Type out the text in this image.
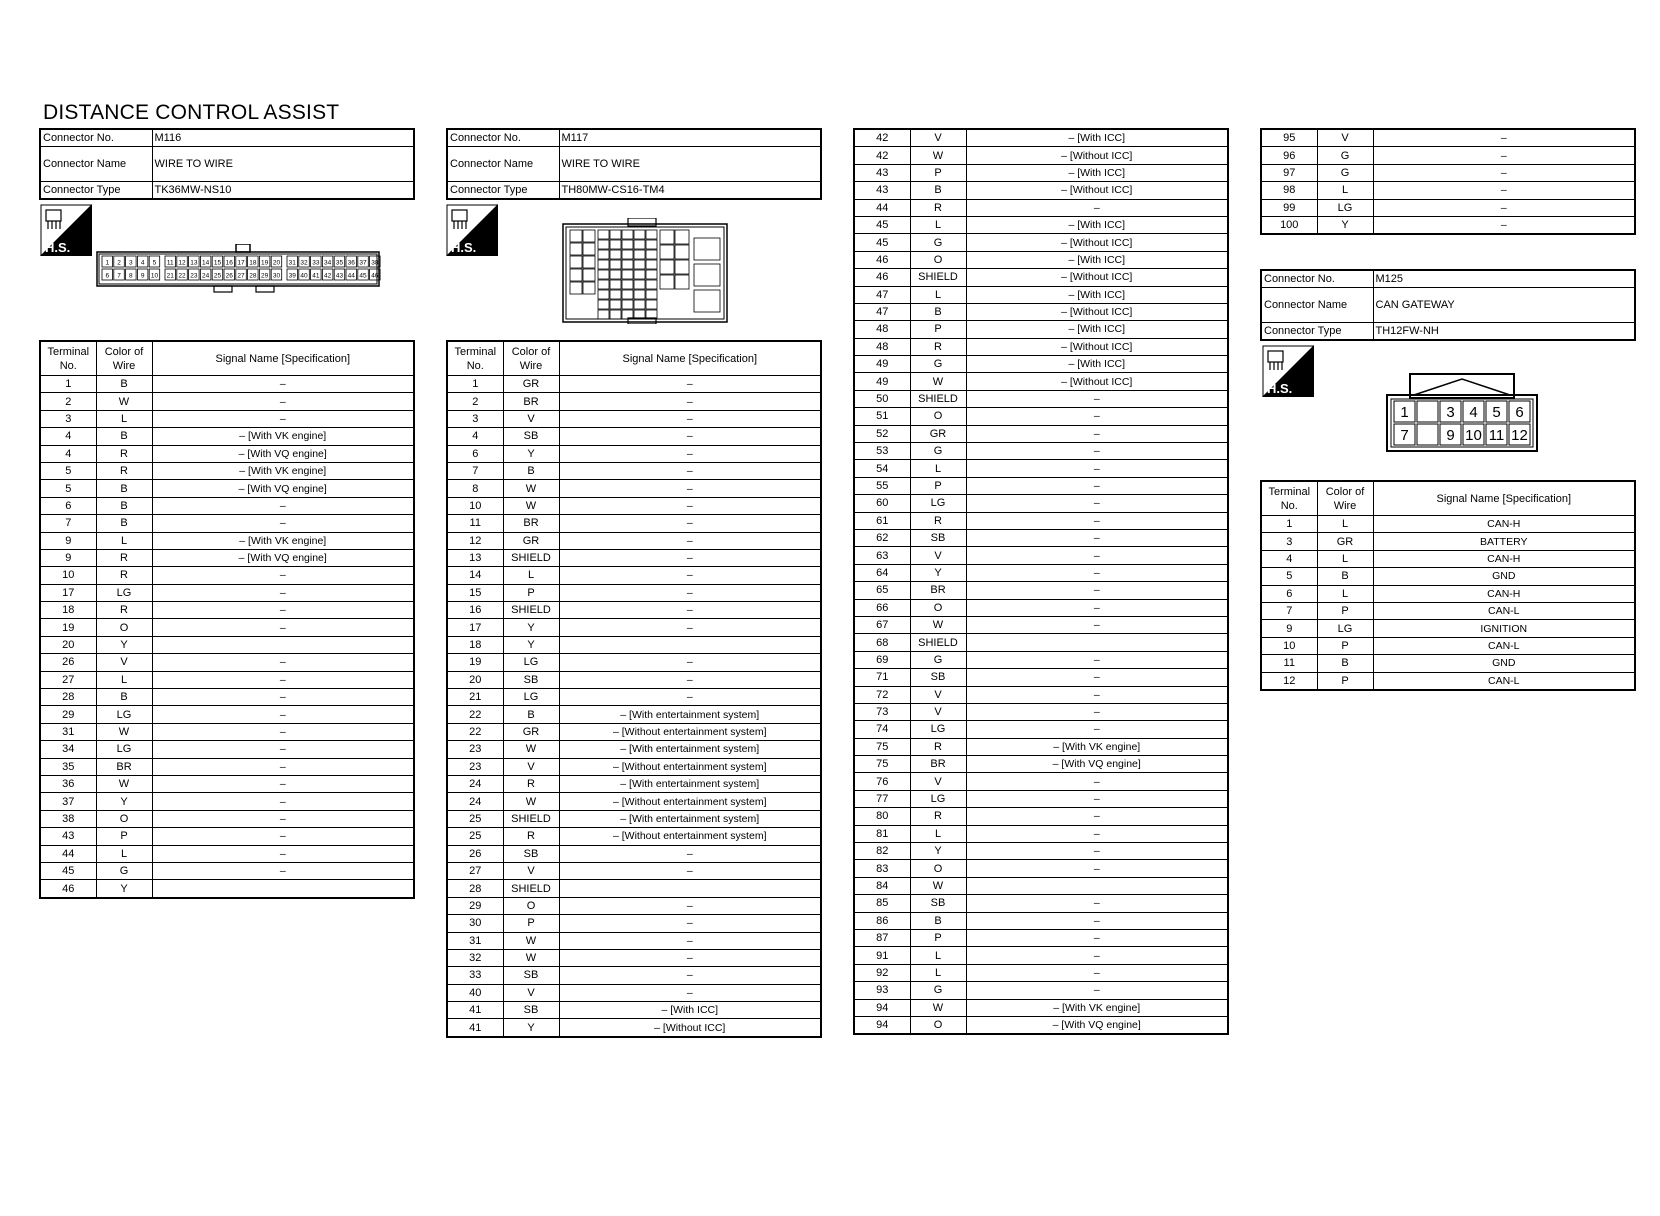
DISTANCE CONTROL ASSIST
Connector No.	M116
Connector Name	WIRE TO WIRE
Connector Type	TK36MW-NS10
H.S.
1 2 3 4 5 11 12 13 14 15 16 17 18 19 20 31 32 33 34 35 36 37 38
6 7 8 9 10 21 22 23 24 25 26 27 28 29 30 39 40 41 42 43 44 45 46
Terminal No.	Color of Wire	Signal Name [Specification]
1	B	–
2	W	–
3	L	–
4	B	– [With VK engine]
4	R	– [With VQ engine]
5	R	– [With VK engine]
5	B	– [With VQ engine]
6	B	–
7	B	–
9	L	– [With VK engine]
9	R	– [With VQ engine]
10	R	–
17	LG	–
18	R	–
19	O	–
20	Y	
26	V	–
27	L	–
28	B	–
29	LG	–
31	W	–
34	LG	–
35	BR	–
36	W	–
37	Y	–
38	O	–
43	P	–
44	L	–
45	G	–
46	Y	
Connector No.	M117
Connector Name	WIRE TO WIRE
Connector Type	TH80MW-CS16-TM4
H.S.
Terminal No.	Color of Wire	Signal Name [Specification]
1	GR	–
2	BR	–
3	V	–
4	SB	–
6	Y	–
7	B	–
8	W	–
10	W	–
11	BR	–
12	GR	–
13	SHIELD	–
14	L	–
15	P	–
16	SHIELD	–
17	Y	–
18	Y	
19	LG	–
20	SB	–
21	LG	–
22	B	– [With entertainment system]
22	GR	– [Without entertainment system]
23	W	– [With entertainment system]
23	V	– [Without entertainment system]
24	R	– [With entertainment system]
24	W	– [Without entertainment system]
25	SHIELD	– [With entertainment system]
25	R	– [Without entertainment system]
26	SB	–
27	V	–
28	SHIELD	
29	O	–
30	P	–
31	W	–
32	W	–
33	SB	–
40	V	–
41	SB	– [With ICC]
41	Y	– [Without ICC]
42	V	– [With ICC]
42	W	– [Without ICC]
43	P	– [With ICC]
43	B	– [Without ICC]
44	R	–
45	L	– [With ICC]
45	G	– [Without ICC]
46	O	– [With ICC]
46	SHIELD	– [Without ICC]
47	L	– [With ICC]
47	B	– [Without ICC]
48	P	– [With ICC]
48	R	– [Without ICC]
49	G	– [With ICC]
49	W	– [Without ICC]
50	SHIELD	–
51	O	–
52	GR	–
53	G	–
54	L	–
55	P	–
60	LG	–
61	R	–
62	SB	–
63	V	–
64	Y	–
65	BR	–
66	O	–
67	W	–
68	SHIELD	
69	G	–
71	SB	–
72	V	–
73	V	–
74	LG	–
75	R	– [With VK engine]
75	BR	– [With VQ engine]
76	V	–
77	LG	–
80	R	–
81	L	–
82	Y	–
83	O	–
84	W	
85	SB	–
86	B	–
87	P	–
91	L	–
92	L	–
93	G	–
94	W	– [With VK engine]
94	O	– [With VQ engine]
95	V	–
96	G	–
97	G	–
98	L	–
99	LG	–
100	Y	–
Connector No.	M125
Connector Name	CAN GATEWAY
Connector Type	TH12FW-NH
H.S.
1	3 4 5 6
7	9 10 11 12
Terminal No.	Color of Wire	Signal Name [Specification]
1	L	CAN-H
3	GR	BATTERY
4	L	CAN-H
5	B	GND
6	L	CAN-H
7	P	CAN-L
9	LG	IGNITION
10	P	CAN-L
11	B	GND
12	P	CAN-L
